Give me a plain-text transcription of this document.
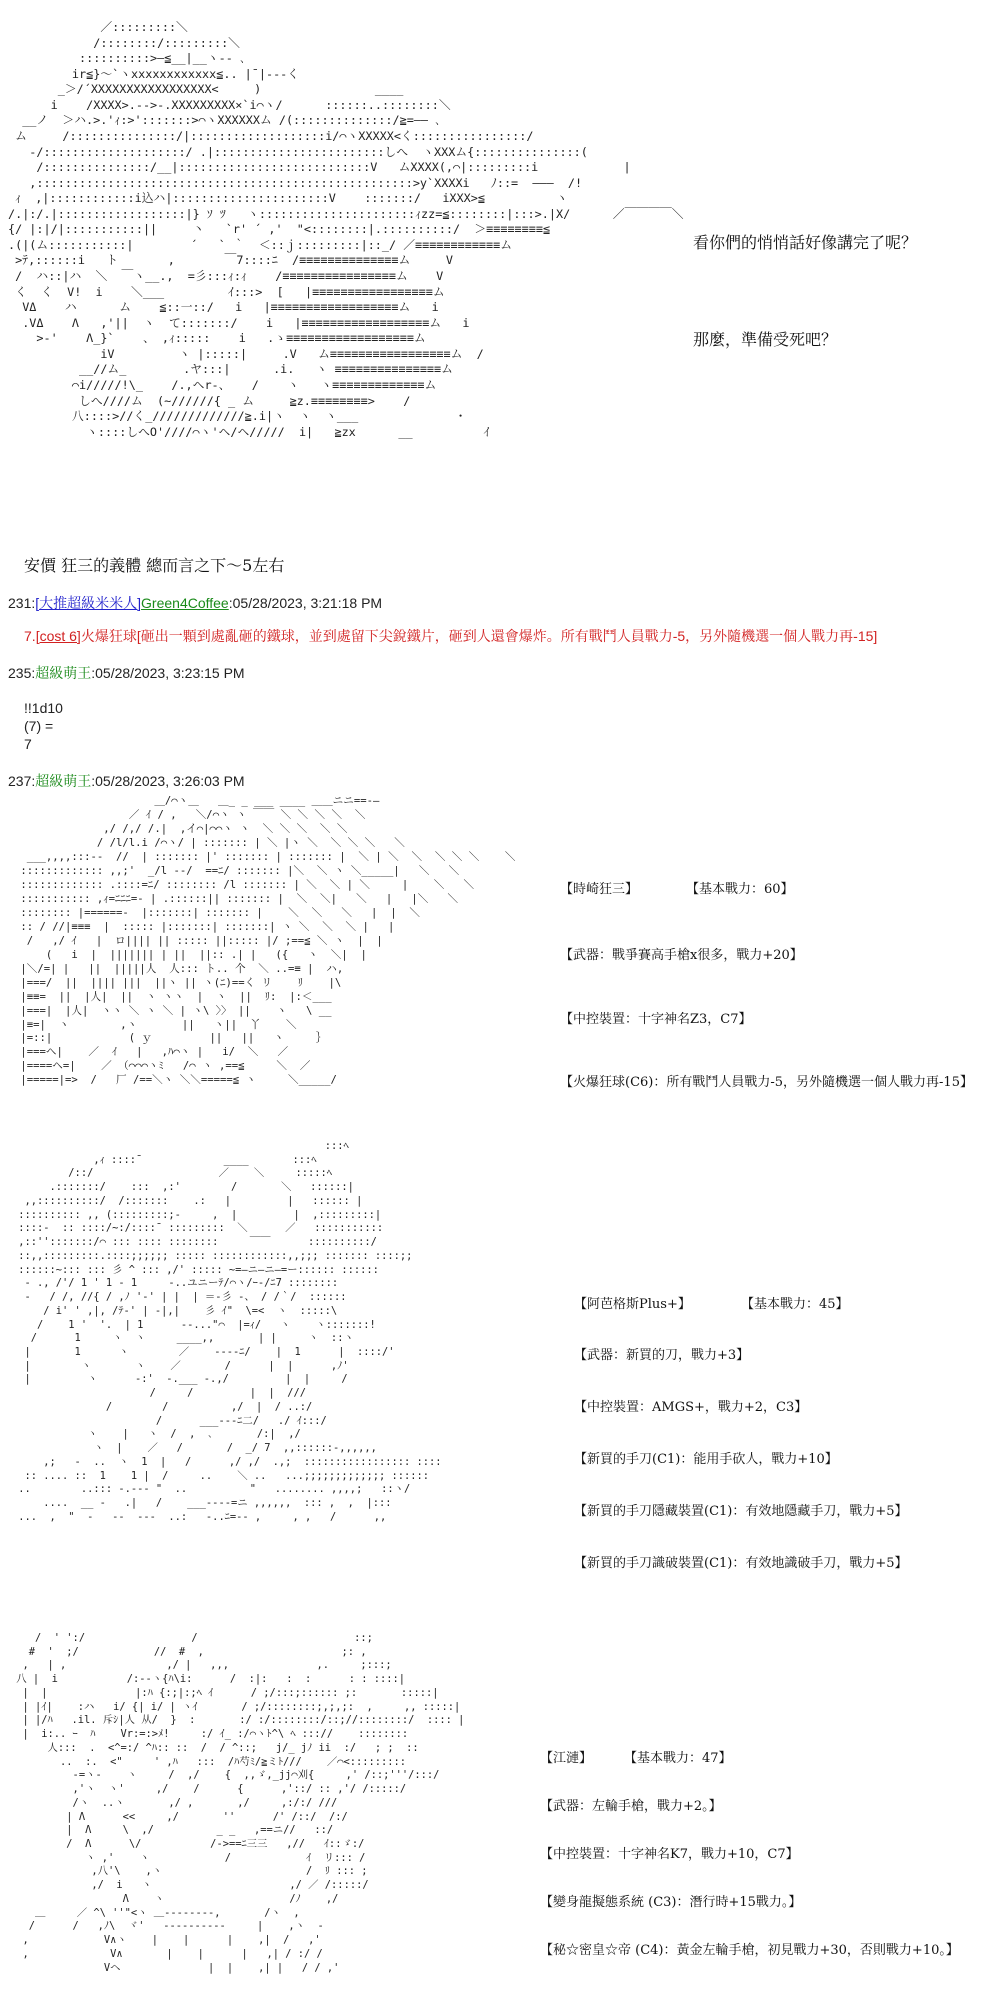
／:::::::::＼
/::::::::/:::::::::＼
::::::::::>―≦__|__ヽ-- ､
ir≦}～`ヽxxxxxxxxxxxx≦.. |¯|--‐く
_＞/´XXXXXXXXXXXXXXXXX<     )                ____
i    /XXXX>.-->-.XXXXXXXXX×`i⌒ヽ/      ::::::..::::::::＼
__ノ  ＞ハ.>.'ｨ:>':::::::>⌒ヽXXXXXXム /(::::::::::::::/≧=―― ､
ム     /:::::::::::::::/|:::::::::::::::::::i/⌒ヽXXXXX<く::::::::::::::::/
‐/::::::::::::::::::::/ .|::::::::::::::::::::::::しへ  ヽXXXム{:::::::::::::::(
/:::::::::::::::/__|:::::::::::::::::::::::::::V   ムXXXX(,⌒|:::::::::i            |
,:::::::::::::::::::::::::::::::::::::::::::::::::::::>y`XXXXi   ﾉ::=  ―――  /!
ｨ  ,|::::::::::::i込ハ|::::::::::::::::::::::V    :::::::/   iXXX>≦          ヽ
/.|:/.|::::::::::::::::::|} ｿ ﾂ   ヽ::::::::::::::::::::::ｨzz=≦::::::::|:::>.|X/      ／￣￣￣￣＼
{/ |:|/|:::::::::::||     丶   `r' ´ ,'  "<::::::::|.::::::::::/  ＞≡≡≡≡≡≡≡≡≦
.(|(ム:::::::::::|        ´   ` ｀  ＜::ｊ:::::::::|::_/ ／≡≡≡≡≡≡≡≡≡≡≡≡ム
>ﾃ,::::::i   ト       ,       ￣7::::ﾆ  /≡≡≡≡≡≡≡≡≡≡≡≡≡≡ム     V
/  ハ::|ハ  ＼  ￣ヽ__.,  =彡:::ｨ:ｨ    /≡≡≡≡≡≡≡≡≡≡≡≡≡≡≡≡ム    V
く  く  V!  i    ＼___         ｲ:::>  [   |≡≡≡≡≡≡≡≡≡≡≡≡≡≡≡≡≡ム
VΔ    ハ      ム    ≦::一::/   i   |≡≡≡≡≡≡≡≡≡≡≡≡≡≡≡≡≡≡ム   i
.VΔ    Λ   ,'||  ヽ  て:::::::/    i   |≡≡≡≡≡≡≡≡≡≡≡≡≡≡≡≡≡≡ム   i
>-'    Λ_}`    、 ,ｨ:::::    i   .ゝ≡≡≡≡≡≡≡≡≡≡≡≡≡≡≡≡≡≡ム
iV         ヽ |:::::|     .V   ム≡≡≡≡≡≡≡≡≡≡≡≡≡≡≡≡≡ム  /
__//ム_        .ヤ:::|      .i.   ヽ ≡≡≡≡≡≡≡≡≡≡≡≡≡≡≡ム
⌒i/////!\_    /.,ヘr-、   /    ヽ   ヽ≡≡≡≡≡≡≡≡≡≡≡≡≡ム
しへ////ム  (~//////{ _ ム     ≧z.≡≡≡≡≡≡≡≡>    /
八::::>//く_/////////////≧.i|ヽ  ヽ  ヽ___              ･
ヽ::::しへO'////⌒ヽ'ヘ/ヘ/////  i|   ≧zx      __          ｲ

看你們的悄悄話好像講完了呢？
那麼，準備受死吧？
安價 狂三的義體 總而言之下〜5左右
231:[大推超級米米人]Green4Coffee:05/28/2023, 3:21:18 PM
7.[cost 6]火爆狂球[砸出一顆到處亂砸的鐵球，並到處留下尖銳鐵片，砸到人還會爆炸。所有戰鬥人員戰力-5，另外隨機選一個人戰力再-15]
235:超級萌王:05/28/2023, 3:23:15 PM
!!1d10
(7) =
7
237:超級萌王:05/28/2023, 3:26:03 PM
＿/⌒ヽ＿   ＿_ _ ___ ____ ＿＿ニニ==-―
／ ｲ / ,   ＼/⌒ヽ ヽ ￣￣ ＼ ＼ ＼ ＼  ＼
,/ /,/ /.|  ,イ⌒|⌒⌒ヽ ヽ  ＼ ＼ ＼  ＼ ＼
/ /l/l.i /⌒ヽ/ | ::::::: | ＼ |ヽ ＼  ＼ ＼ ＼   ＼
___,,,,:::--  //  | ::::::: |' ::::::: | ::::::: |  ＼ | ＼  ＼  ＼ ＼ ＼    ＼
::::::::::::: ,,;'  _/l --/  ==ﾆ/ ::::::: |＼  ＼ ヽ ＼_____|   ＼   ＼
::::::::::::: .::::=ﾆ/ :::::::: /l ::::::: | ＼  ＼ | ＼     |    ＼   ＼
::::::::::: ,ｨ=ﾆﾆﾆ=- | .::::::|| ::::::: |  ＼  ＼|   ＼   |   |＼   ＼
:::::::: |======-  |:::::::| ::::::: |    ＼  ＼   ＼   |  |  ＼
:: / //|≡≡≡  |  ::::: |:::::::| :::::::| ヽ ＼  ＼  ＼ |   |
/   ,/ ｲ   |  ロ|||| || ::::: ||::::: |/ ;==≦ ＼ ヽ  |  |
(   i  |  ||||||| | ||  ||:: .| |   ({   ヽ  ＼|  |
|＼/=| |   ||  |||||人  人::: ト.. 个  ＼ ..=≡ |  ハ,
|===/  ||  |||| |||  ||ヽ || ヽ(ﾆ)==く リ    ﾘ    |\
|≡≡=  ||  |人|  ||  ヽ ヽヽ  |  ヽ  ||  ﾘ:  |:＜___
|===|  |人|  ヽヽ ＼ ヽ ＼ | ヽ\ 〉〉 ||    ヽ   \ __
|≡=|  ヽ        ,ヽ       ||   ヽ||  丫    ＼
|=::|            ( ｙ         ||   ||   ヽ     ｝
|===ヘ|    ／  ｲ   |   ,ﾊ⌒ヽ |   i/  ＼   ／
|====ヘ=|    ／ （⌒⌒⌒ヽﾐ   /⌒ ヽ ,==≦     ＼  ／
|=====|=>  /   厂 /==＼ヽ ＼＼=====≦ ヽ     ＼_____/

【時崎狂三】	【基本戰力：60】
【武器：戰爭賽高手槍x很多，戰力+20】
【中控裝置：十字神名Z3，C7】
【火爆狂球(C6)：所有戰鬥人員戰力-5，另外隨機選一個人戰力再-15】
:::ﾍ
,ｨ ::::¯             ____       :::ﾍ
/::/                    ／    ＼     :::::ﾍ
.:::::::/    :::  ,:'        /       ＼   ::::::|
,,::::::::::/  /:::::::    .:   |         |   :::::: |
:::::::::: ,, (:::::::::;-     ,  |         |  ,:::::::::|
::::-  :: ::::/~:/::::¯ :::::::::  ＼      ／   :::::::::::
,::'':::::::/⌒ ::: :::: ::::::::     ￣￣      ::::::::::/
::,,:::::::::.::::;;;;;; ::::: ::::::::::::,,;;; ::::::: ::::;;
::::::~::: ::: 彡 ^ ::: ,/' ::::: ~=―ニ―ニ―=ー:::::: ::::::
- ., /'/ 1 ' 1 - 1     -..ユニーﾃ/⌒ヽ/ｰ-/ﾆ7 ::::::::
-   / /, //{ / ,ﾉ '-' | |  | ＝-彡 -、 / /｀/  ::::::
/ i' ' ,|, /ﾃ-' | -|,|    彡 ｲ"  \=<  ヽ  :::::\
/    1 '  '.  | 1      --..."⌒  |=ｨ/   ヽ    ヽ:::::::!
/      1     ヽ  ヽ     ____,,       | |     ヽ  ::ヽ
|       1      ヽ        ／    ----ﾆ/    |  1      |  ::::/'
|        ヽ       ヽ    ／       /      |  |      ,ﾉ'
|         ヽ      -:'  -.___ -.,/         |  |     /
/     /         |  |  ///
/        /          ,/  |  / ..:/
/      ___---ﾆ二/   ./ ｲ:::/
ヽ    |   ヽ  /  ,  ､       /:|  ,/
ヽ  |    ／   /       /  _/ 7  ,,::::::-,,,,,,
,;   -  ..  ヽ  1  |   /      ,/ ,/  .,;  ::::::::::::::::: ::::
:: .... ::  1    1 |  /     ..    ＼ ..   ...;;;;;;;;;;;;; ::::::
..        ..::: -.--- "  ..          "   ........ ,,,,;   ::ヽ/
....  __ -   .|   /    ___----=ニ ,,,,,,  ::: ,  ,  |:::
...  ,  "  -   --  ---  ..:   -..ﾆ=-- ,     , ,   /      ,,

【阿芭格斯Plus+】	【基本戰力：45】
【武器：新買的刀，戰力+3】
【中控裝置：AMGS+，戰力+2，C3】
【新買的手刀(C1)：能用手砍人，戰力+10】
【新買的手刀隱藏裝置(C1)：有效地隱藏手刀，戰力+5】
【新買的手刀識破裝置(C1)：有效地識破手刀，戰力+5】
/  ' ':/                 /                         ::;
#  '  ;/            //  #  ,                      ;: ,
,   | ,                ,/ |   ,,,              ,.     ;:::;
八 |  i           /:-‐ヽ{ﾊ\i:      /  :|:   :  :      : : ::::|
|  |              |:ﾊ {:;|:;ﾍ ｲ      / ;/:::;:::::: ;:       :::::|
| |ｲ|    :ハ   i/ {| i/ | ヽｲ       / ;/::::::::;,;,;:  ,     ,, :::::|
| |/ﾊ   .il. 斥ｼ|人 从/  }  :       :/ :/::::::::/::;//::::::::/  :::: |
|  i:.. ｰ  ﾊ    Vr:=:>ﾒ!     :/ ｲ_ :/⌒ヽﾄ^\ ﾍ ::://    ::::::::
人:::  .  <^=:/ ^ﾊ:: ::  /  / ^::;   j/_ jﾉ ii  :/   ; ;  ::
..  :.  <"     ' ,ﾊ   :::  /ﾊ芍ﾐ/≧ミﾄ///    ／⌒<:::::::::
-=ヽ-    ヽ     /  ,/    {  ,,ゞ,_jj⌒刈{     ,' /::;'''/:::/
,'ヽ  ヽ'     ,/    /      {      ,'::/ :: ,'/ /:::::/
/ヽ  ..ヽ       ,/ ,       ,/     ,:/:/ ///
| Λ      <<     ,/       ''      /' /::/  /:/
|  Λ     \  ,/          _ _   ,==ニ//   ::/
/  Λ      \/           /‐>==ﾆ三三   ,//   ｲ::ゞ:/
ヽ ,'    ヽ            /            ｲ  リ::: /
,八'\    ,ヽ                       /  ﾘ ::: ;
,/  i   ヽ                      ,/ ／ /:::::/
Λ    ヽ                    /ﾉ    ,/
＿     ／ ^\ ''"<ヽ ＿--------,       /ヽ  ,
/      /   ,ﾉ\  ヾ'   ----------     |    ,ヽ  ‐
,            V∧ヽ    |    |      |    ,|  /   ,'
,             V∧       |    |      |   ,| / :/ /
Vヘ              |  |    ,| |   / / ,'

【江漣】 【基本戰力：47】
【武器：左輪手槍，戰力+2。】
【中控裝置：十字神名K7，戰力+10，C7】
【變身龍擬態系統 (C3)：潛行時+15戰力。】
【秘☆密皇☆帝 (C4)：黃金左輪手槍，初見戰力+30，否則戰力+10。】
